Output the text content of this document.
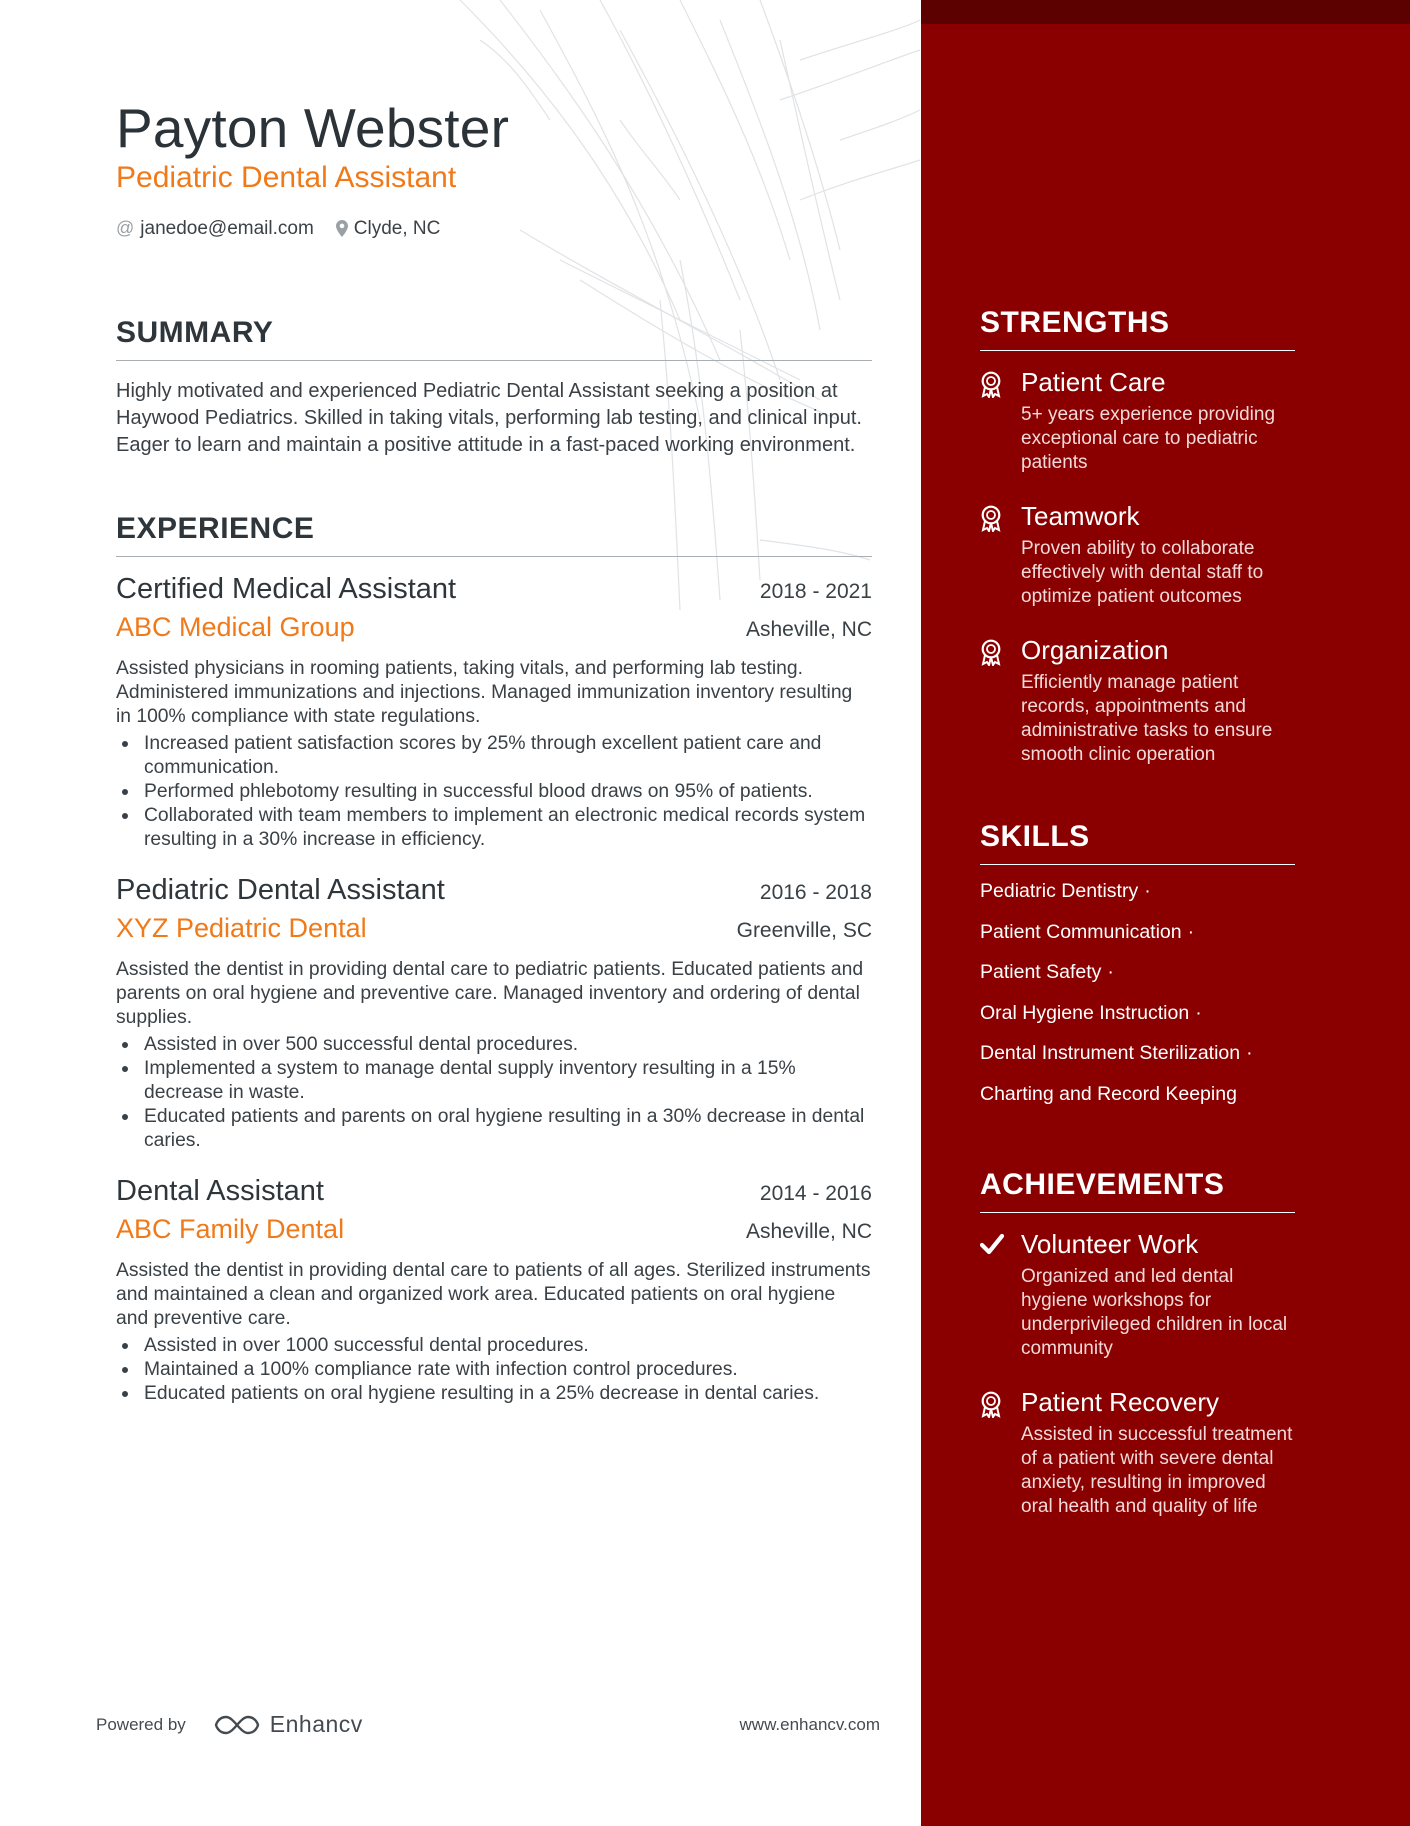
Payton Webster
Pediatric Dental Assistant
@ janedoe@email.com Clyde, NC
SUMMARY

Highly motivated and experienced Pediatric Dental Assistant seeking a position at Haywood Pediatrics. Skilled in taking vitals, performing lab testing, and clinical input. Eager to learn and maintain a positive attitude in a fast-paced working environment.

EXPERIENCE
Certified Medical Assistant	2018 - 2021
ABC Medical Group	Asheville, NC

Assisted physicians in rooming patients, taking vitals, and performing lab testing. Administered immunizations and injections. Managed immunization inventory resulting in 100% compliance with state regulations.

Increased patient satisfaction scores by 25% through excellent patient care and communication.
Performed phlebotomy resulting in successful blood draws on 95% of patients.
Collaborated with team members to implement an electronic medical records system resulting in a 30% increase in efficiency.
Pediatric Dental Assistant	2016 - 2018
XYZ Pediatric Dental	Greenville, SC

Assisted the dentist in providing dental care to pediatric patients. Educated patients and parents on oral hygiene and preventive care. Managed inventory and ordering of dental supplies.

Assisted in over 500 successful dental procedures.
Implemented a system to manage dental supply inventory resulting in a 15% decrease in waste.
Educated patients and parents on oral hygiene resulting in a 30% decrease in dental caries.
Dental Assistant	2014 - 2016
ABC Family Dental	Asheville, NC

Assisted the dentist in providing dental care to patients of all ages. Sterilized instruments and maintained a clean and organized work area. Educated patients on oral hygiene and preventive care.

Assisted in over 1000 successful dental procedures.
Maintained a 100% compliance rate with infection control procedures.
Educated patients on oral hygiene resulting in a 25% decrease in dental caries.
Powered by	Enhancv	www.enhancv.com
STRENGTHS
Patient Care
5+ years experience providing exceptional care to pediatric patients
Teamwork
Proven ability to collaborate effectively with dental staff to optimize patient outcomes
Organization
Efficiently manage patient records, appointments and administrative tasks to ensure smooth clinic operation
SKILLS
Pediatric Dentistry ·
Patient Communication ·
Patient Safety ·
Oral Hygiene Instruction ·
Dental Instrument Sterilization ·
Charting and Record Keeping
ACHIEVEMENTS
Volunteer Work
Organized and led dental hygiene workshops for underprivileged children in local community
Patient Recovery
Assisted in successful treatment of a patient with severe dental anxiety, resulting in improved oral health and quality of life
